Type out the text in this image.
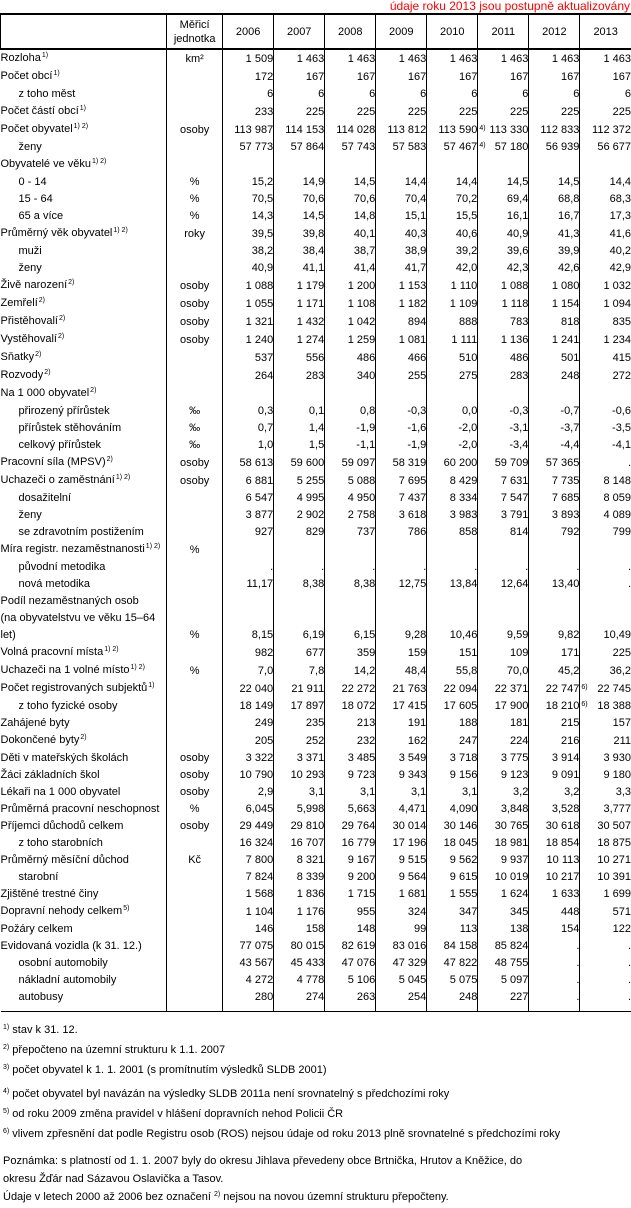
údaje roku 2013 jsou postupně aktualizovány

	Měřicí
jednotka	2006	2007	2008	2009	2010	2011	2012	2013
Rozloha$^{1)}$	km²	1 509	1 463	1 463	1 463	1 463	1 463	1 463	1 463
Počet obcí$^{1)}$		172	167	167	167	167	167	167	167
z toho měst		6	6	6	6	6	6	6	6
Počet částí obcí$^{1)}$		233	225	225	225	225	225	225	225
Počet obyvatel$^{1) 2)}$	osoby	113 987	114 153	114 028	113 812	113 590	4) 113 330	112 833	112 372
ženy		57 773	57 864	57 743	57 583	57 467	4) 57 180	56 939	56 677
Obyvatelé ve věku$^{1) 2)}$									
0 - 14	%	15,2	14,9	14,5	14,4	14,4	14,5	14,5	14,4
15 - 64	%	70,5	70,6	70,6	70,4	70,2	69,4	68,8	68,3
65 a více	%	14,3	14,5	14,8	15,1	15,5	16,1	16,7	17,3
Průměrný věk obyvatel$^{1) 2)}$	roky	39,5	39,8	40,1	40,3	40,6	40,9	41,3	41,6
muži		38,2	38,4	38,7	38,9	39,2	39,6	39,9	40,2
ženy		40,9	41,1	41,4	41,7	42,0	42,3	42,6	42,9
Živě narození$^{2)}$	osoby	1 088	1 179	1 200	1 153	1 110	1 088	1 080	1 032
Zemřelí$^{2)}$	osoby	1 055	1 171	1 108	1 182	1 109	1 118	1 154	1 094
Přistěhovalí$^{2)}$	osoby	1 321	1 432	1 042	894	888	783	818	835
Vystěhovalí$^{2)}$	osoby	1 240	1 274	1 259	1 081	1 111	1 136	1 241	1 234
Sňatky$^{2)}$		537	556	486	466	510	486	501	415
Rozvody$^{2)}$		264	283	340	255	275	283	248	272
Na 1 000 obyvatel$^{2)}$									
přirozený přírůstek	‰	0,3	0,1	0,8	-0,3	0,0	-0,3	-0,7	-0,6
přírůstek stěhováním	‰	0,7	1,4	-1,9	-1,6	-2,0	-3,1	-3,7	-3,5
celkový přírůstek	‰	1,0	1,5	-1,1	-1,9	-2,0	-3,4	-4,4	-4,1
Pracovní síla (MPSV)$^{2)}$	osoby	58 613	59 600	59 097	58 319	60 200	59 709	57 365	.
Uchazeči o zaměstnání$^{1) 2)}$	osoby	6 881	5 255	5 088	7 695	8 429	7 631	7 735	8 148
dosažitelní		6 547	4 995	4 950	7 437	8 334	7 547	7 685	8 059
ženy		3 877	2 902	2 758	3 618	3 983	3 791	3 893	4 089
se zdravotním postižením		927	829	737	786	858	814	792	799
Míra registr. nezaměstnanosti$^{1) 2)}$	%								
původní metodika		.	.	.	.	.	.	.	.
nová metodika		11,17	8,38	8,38	12,75	13,84	12,64	13,40	.

Podíl nezaměstnaných osob
(na obyvatelstvu ve věku 15–64
let)	%	8,15	6,19	6,15	9,28	10,46	9,59	9,82	10,49
Volná pracovní místa$^{1) 2)}$		982	677	359	159	151	109	171	225
Uchazeči na 1 volné místo$^{1) 2)}$	%	7,0	7,8	14,2	48,4	55,8	70,0	45,2	36,2
Počet registrovaných subjektů$^{1)}$		22 040	21 911	22 272	21 763	22 094	22 371	22 747	6) 22 745
z toho fyzické osoby		18 149	17 897	18 072	17 415	17 605	17 900	18 210	6) 18 388
Zahájené byty		249	235	213	191	188	181	215	157
Dokončené byty$^{2)}$		205	252	232	162	247	224	216	211
Děti v mateřských školách	osoby	3 322	3 371	3 485	3 549	3 718	3 775	3 914	3 930
Žáci základních škol	osoby	10 790	10 293	9 723	9 343	9 156	9 123	9 091	9 180
Lékaři na 1 000 obyvatel	osoby	2,9	3,1	3,1	3,1	3,1	3,2	3,2	3,3
Průměrná pracovní neschopnost	%	6,045	5,998	5,663	4,471	4,090	3,848	3,528	3,777
Příjemci důchodů celkem	osoby	29 449	29 810	29 764	30 014	30 146	30 765	30 618	30 507
z toho starobních		16 324	16 707	16 779	17 196	18 045	18 981	18 854	18 875
Průměrný měsíční důchod	Kč	7 800	8 321	9 167	9 515	9 562	9 937	10 113	10 271
starobní		7 824	8 339	9 200	9 564	9 615	10 019	10 217	10 391
Zjištěné trestné činy		1 568	1 836	1 715	1 681	1 555	1 624	1 633	1 699
Dopravní nehody celkem$^{5)}$		1 104	1 176	955	324	347	345	448	571
Požáry celkem		146	158	148	99	113	138	154	122
Evidovaná vozidla (k 31. 12.)		77 075	80 015	82 619	83 016	84 158	85 824	.	.
osobní automobily		43 567	45 433	47 076	47 329	47 822	48 755	.	.
nákladní automobily		4 272	4 778	5 106	5 045	5 075	5 097	.	.
autobusy		280	274	263	254	248	227	.	.

$^{1)}$ stav k 31. 12.
$^{2)}$ přepočteno na územní strukturu k 1.1. 2007
$^{3)}$ počet obyvatel k 1. 1. 2001 (s promítnutím výsledků SLDB 2001)
$^{4)}$ počet obyvatel byl navázán na výsledky SLDB 2011a není srovnatelný s předchozími roky
$^{5)}$ od roku 2009 změna pravidel v hlášení dopravních nehod Policii ČR
$^{6)}$ vlivem zpřesnění dat podle Registru osob (ROS) nejsou údaje od roku 2013 plně srovnatelné s předchozími roky
Poznámka: s platností od 1. 1. 2007 byly do okresu Jihlava převedeny obce Brtnička, Hrutov a Kněžice, do
okresu Žďár nad Sázavou Oslavička a Tasov.
Údaje v letech 2000 až 2006 bez označení $^{2)}$ nejsou na novou územní strukturu přepočteny.
